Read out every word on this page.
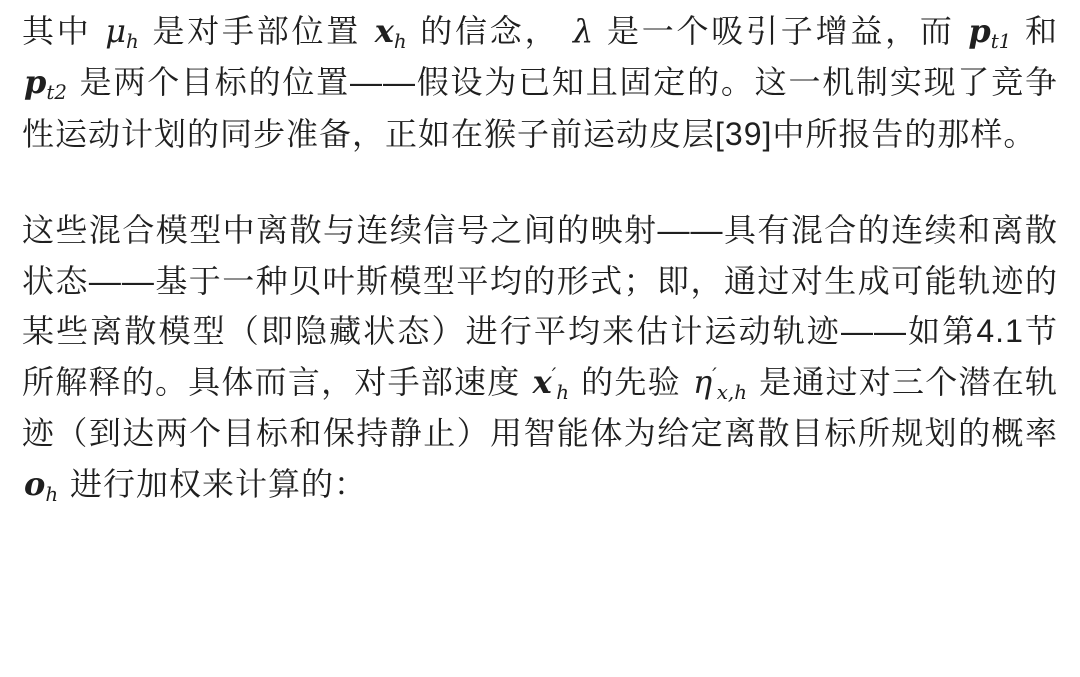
其中 $\mu_h$ 是对手部位置 $x_h$ 的信念， λ 是一个吸引子增益，而 $p_{t1}$ 和 $p_{t2}$ 是两个目标的位置——假设为已知且固定的。这一机制实现了竞争性运动计划的同步准备，正如在猴子前运动皮层[39]中所报告的那样。

这些混合模型中离散与连续信号之间的映射——具有混合的连续和离散状态——基于一种贝叶斯模型平均的形式；即，通过对生成可能轨迹的某些离散模型（即隐藏状态）进行平均来估计运动轨迹——如第4.1节所解释的。具体而言，对手部速度 $x'_h$ 的先验 $\eta'_{x,h}$ 是通过对三个潜在轨迹（到达两个目标和保持静止）用智能体为给定离散目标所规划的概率 $o_h$ 进行加权来计算的：
